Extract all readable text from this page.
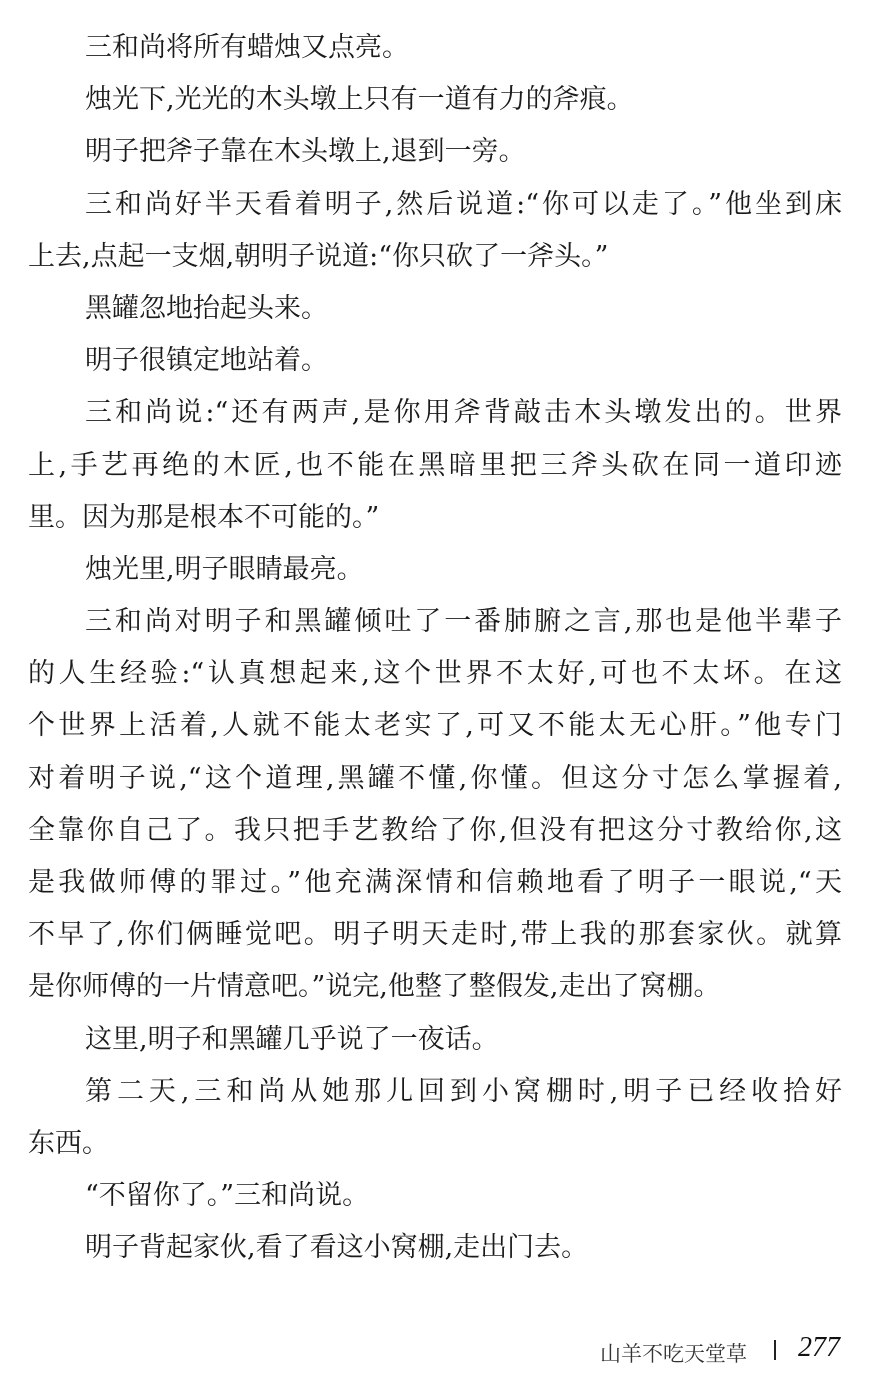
三和尚将所有蜡烛又点亮。
烛光下,光光的木头墩上只有一道有力的斧痕。
明子把斧子靠在木头墩上,退到一旁。
三和尚好半天看着明子,然后说道:“你可以走了。”他坐到床
上去,点起一支烟,朝明子说道:“你只砍了一斧头。”
黑罐忽地抬起头来。
明子很镇定地站着。
三和尚说:“还有两声,是你用斧背敲击木头墩发出的。世界
上,手艺再绝的木匠,也不能在黑暗里把三斧头砍在同一道印迹
里。因为那是根本不可能的。”
烛光里,明子眼睛最亮。
三和尚对明子和黑罐倾吐了一番肺腑之言,那也是他半辈子
的人生经验:“认真想起来,这个世界不太好,可也不太坏。在这
个世界上活着,人就不能太老实了,可又不能太无心肝。”他专门
对着明子说,“这个道理,黑罐不懂,你懂。但这分寸怎么掌握着,
全靠你自己了。我只把手艺教给了你,但没有把这分寸教给你,这
是我做师傅的罪过。”他充满深情和信赖地看了明子一眼说,“天
不早了,你们俩睡觉吧。明子明天走时,带上我的那套家伙。就算
是你师傅的一片情意吧。”说完,他整了整假发,走出了窝棚。
这里,明子和黑罐几乎说了一夜话。
第二天,三和尚从她那儿回到小窝棚时,明子已经收拾好
东西。
“不留你了。”三和尚说。
明子背起家伙,看了看这小窝棚,走出门去。
山羊不吃天堂草 277
